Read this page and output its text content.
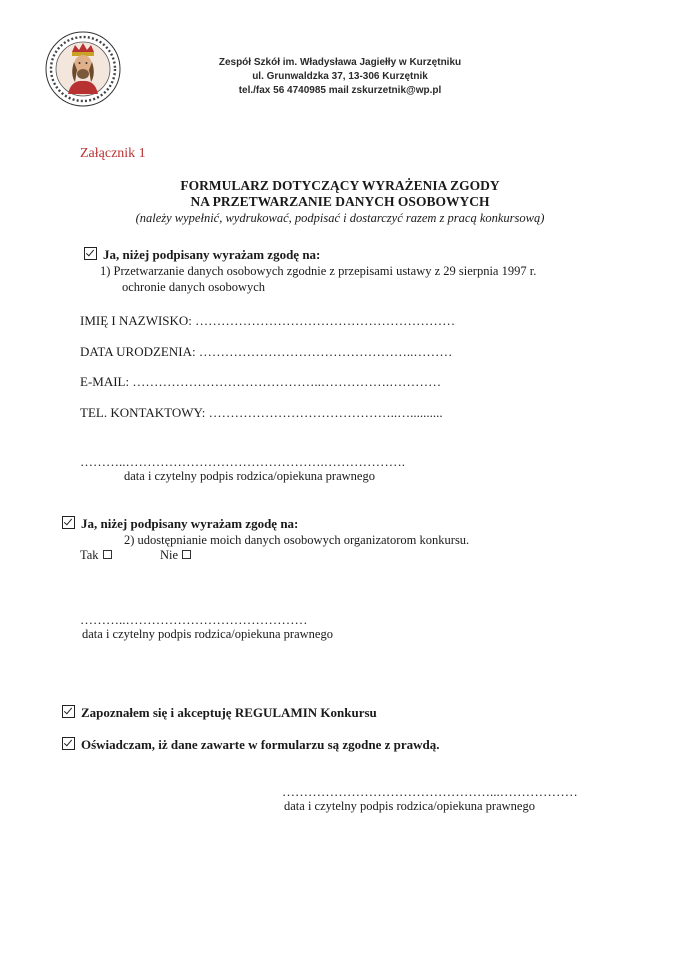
Zespół Szkół im. Władysława Jagiełły w Kurzętniku
ul. Grunwaldzka 37, 13-306 Kurzętnik
tel./fax 56 4740985 mail zskurzetnik@wp.pl
Załącznik 1
FORMULARZ DOTYCZĄCY WYRAŻENIA ZGODY
NA PRZETWARZANIE DANYCH OSOBOWYCH
(należy wypełnić, wydrukować, podpisać i dostarczyć razem z pracą konkursową)
Ja, niżej podpisany wyrażam zgodę na:
1) Przetwarzanie danych osobowych zgodnie z przepisami ustawy z 29 sierpnia 1997 r.
ochronie danych osobowych
IMIĘ I NAZWISKO: ……………………………………………………
DATA URODZENIA: …………………………………………..………
E-MAIL: ……………………………………..…………….…………
TEL. KONTAKTOWY: ……………………………………..…..........
………..……………………………………….……………….
data i czytelny podpis rodzica/opiekuna prawnego
Ja, niżej podpisany wyrażam zgodę na:
2) udostępnianie moich danych osobowych organizatorom konkursu.
Tak	Nie
………..……………………………………
data i czytelny podpis rodzica/opiekuna prawnego
Zapoznałem się i akceptuję REGULAMIN Konkursu
Oświadczam, iż dane zawarte w formularzu są zgodne z prawdą.
…………………………………………...………………
data i czytelny podpis rodzica/opiekuna prawnego
